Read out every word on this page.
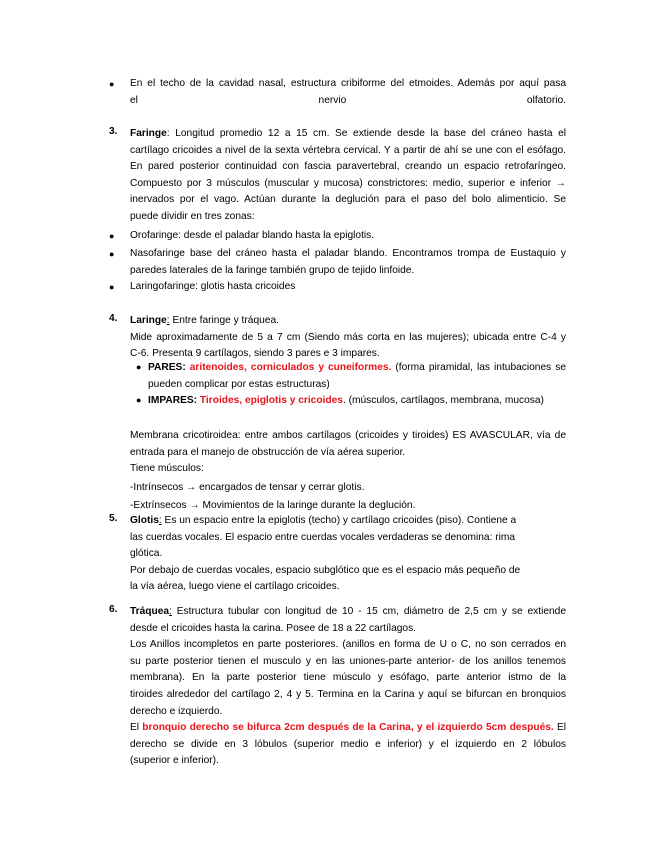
● En el techo de la cavidad nasal, estructura cribiforme del etmoides. Además por aquí pasa
el nervio olfatorio.

3. Faringe: Longitud promedio 12 a 15 cm. Se extiende desde la base del cráneo hasta el
cartílago cricoides a nivel de la sexta vértebra cervical. Y a partir de ahí se une con el esófago.
En pared posterior continuidad con fascia paravertebral, creando un espacio retrofaríngeo.
Compuesto por 3 músculos (muscular y mucosa) constrictores: medio, superior e inferior →
inervados por el vago. Actúan durante la deglución para el paso del bolo alimenticio. Se
puede dividir en tres zonas:
● Orofaringe: desde el paladar blando hasta la epiglotis.
● Nasofaringe base del cráneo hasta el paladar blando. Encontramos trompa de Eustaquio y
paredes laterales de la faringe también grupo de tejido linfoide.
● Laringofaringe: glotis hasta cricoides
4. Laringe: Entre faringe y tráquea.
Mide aproximadamente de 5 a 7 cm (Siendo más corta en las mujeres); ubicada entre C-4 y
C-6. Presenta 9 cartílagos, siendo 3 pares e 3 impares.
● PARES: aritenoides, corniculados y cuneiformes. (forma piramidal, las intubaciones se
pueden complicar por estas estructuras)
● IMPARES: Tiroides, epiglotis y cricoides. (músculos, cartílagos, membrana, mucosa)
Membrana cricotiroidea: entre ambos cartílagos (cricoides y tiroides) ES AVASCULAR, vía de
entrada para el manejo de obstrucción de vía aérea superior.
Tiene músculos:
-Intrínsecos → encargados de tensar y cerrar glotis.
-Extrínsecos → Movimientos de la laringe durante la deglución.
5. Glotis: Es un espacio entre la epiglotis (techo) y cartílago cricoides (piso). Contiene a
las cuerdas vocales. El espacio entre cuerdas vocales verdaderas se denomina: rima
glótica.
Por debajo de cuerdas vocales, espacio subglótico que es el espacio más pequeño de
la vía aérea, luego viene el cartílago cricoides.
6. Tráquea: Estructura tubular con longitud de 10 - 15 cm, diámetro de 2,5 cm y se extiende
desde el cricoides hasta la carina. Posee de 18 a 22 cartílagos.
Los Anillos incompletos en parte posteriores. (anillos en forma de U o C, no son cerrados en
su parte posterior tienen el musculo y en las uniones-parte anterior- de los anillos tenemos
membrana). En la parte posterior tiene músculo y esófago, parte anterior istmo de la
tiroides alrededor del cartílago 2, 4 y 5. Termina en la Carina y aquí se bifurcan en bronquios
derecho e izquierdo.
El bronquio derecho se bifurca 2cm después de la Carina, y el izquierdo 5cm después. El
derecho se divide en 3 lóbulos (superior medio e inferior) y el izquierdo en 2 lóbulos
(superior e inferior).
